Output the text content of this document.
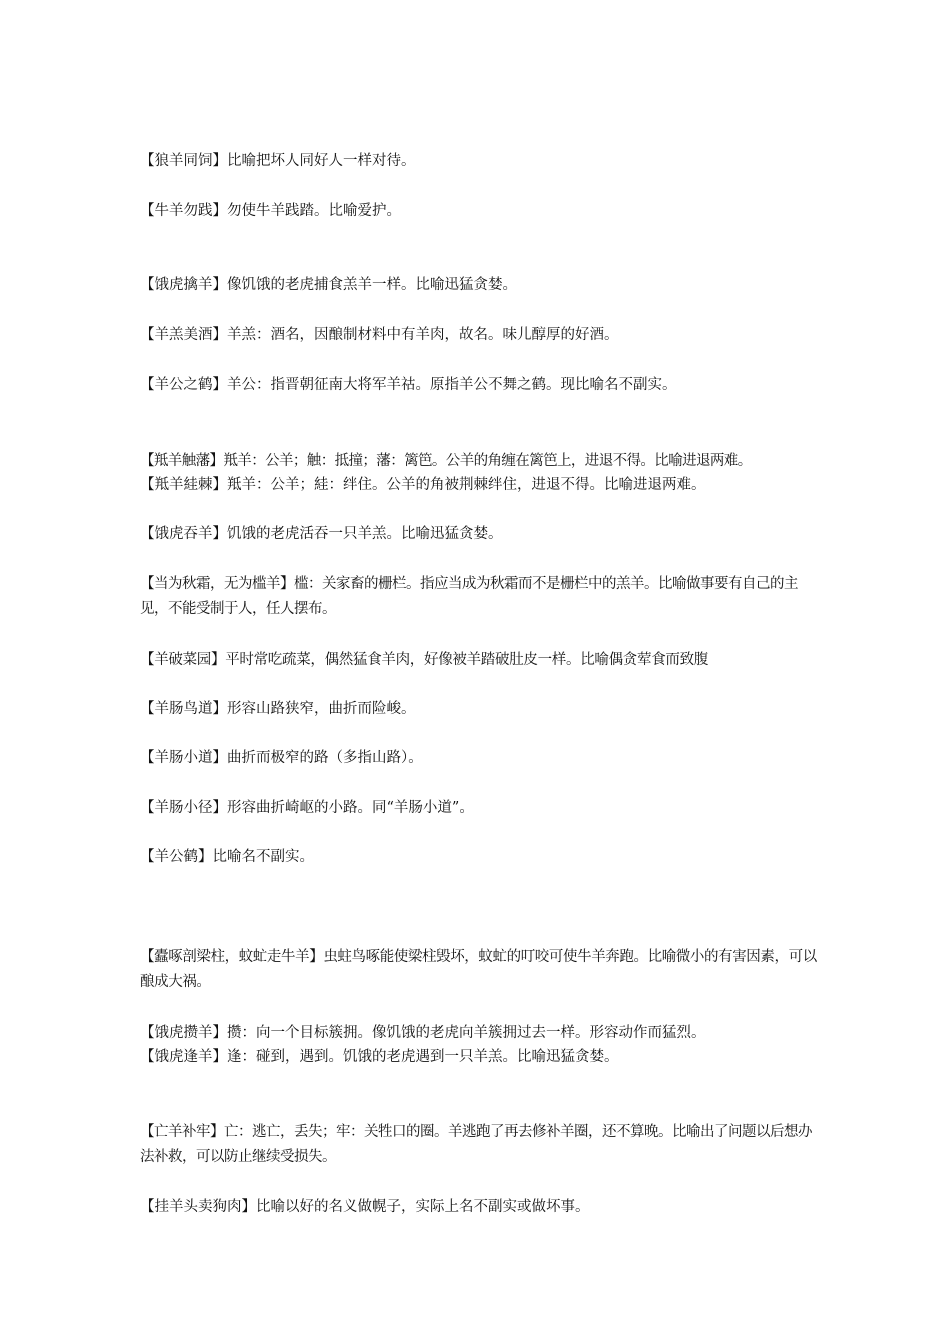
【狼羊同饲】比喻把坏人同好人一样对待。
【牛羊勿践】勿使牛羊践踏。比喻爱护。
【饿虎擒羊】像饥饿的老虎捕食羔羊一样。比喻迅猛贪婪。
【羊羔美酒】羊羔：酒名，因酿制材料中有羊肉，故名。味儿醇厚的好酒。
【羊公之鹤】羊公：指晋朝征南大将军羊祜。原指羊公不舞之鹤。现比喻名不副实。
【羝羊触藩】羝羊：公羊；触：抵撞；藩：篱笆。公羊的角缠在篱笆上，进退不得。比喻进退两难。
【羝羊絓棘】羝羊：公羊；絓：绊住。公羊的角被荆棘绊住，进退不得。比喻进退两难。
【饿虎吞羊】饥饿的老虎活吞一只羊羔。比喻迅猛贪婪。
【当为秋霜，无为槛羊】槛：关家畜的栅栏。指应当成为秋霜而不是栅栏中的羔羊。比喻做事要有自己的主见，不能受制于人，任人摆布。
【羊破菜园】平时常吃疏菜，偶然猛食羊肉，好像被羊踏破肚皮一样。比喻偶贪荤食而致腹
【羊肠鸟道】形容山路狭窄，曲折而险峻。
【羊肠小道】曲折而极窄的路（多指山路）。
【羊肠小径】形容曲折崎岖的小路。同“羊肠小道”。
【羊公鹤】比喻名不副实。
【蠹啄剖梁柱，蚊虻走牛羊】虫蛀鸟啄能使梁柱毁坏，蚊虻的叮咬可使牛羊奔跑。比喻微小的有害因素，可以酿成大祸。
【饿虎攒羊】攒：向一个目标簇拥。像饥饿的老虎向羊簇拥过去一样。形容动作而猛烈。
【饿虎逢羊】逢：碰到，遇到。饥饿的老虎遇到一只羊羔。比喻迅猛贪婪。
【亡羊补牢】亡：逃亡，丢失；牢：关牲口的圈。羊逃跑了再去修补羊圈，还不算晚。比喻出了问题以后想办法补救，可以防止继续受损失。
【挂羊头卖狗肉】比喻以好的名义做幌子，实际上名不副实或做坏事。
